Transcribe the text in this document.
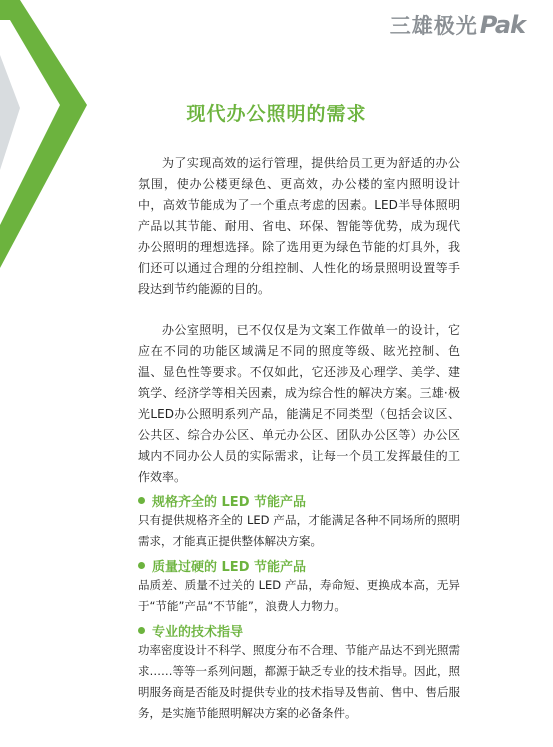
三雄极光 Pak
现代办公照明的需求

为了实现高效的运行管理，提供给员工更为舒适的办公氛围，使办公楼更绿色、更高效，办公楼的室内照明设计中，高效节能成为了一个重点考虑的因素。LED半导体照明产品以其节能、耐用、省电、环保、智能等优势，成为现代办公照明的理想选择。除了选用更为绿色节能的灯具外，我们还可以通过合理的分组控制、人性化的场景照明设置等手段达到节约能源的目的。

办公室照明，已不仅仅是为文案工作做单一的设计，它应在不同的功能区域满足不同的照度等级、眩光控制、色温、显色性等要求。不仅如此，它还涉及心理学、美学、建筑学、经济学等相关因素，成为综合性的解决方案。三雄·极光LED办公照明系列产品，能满足不同类型（包括会议区、公共区、综合办公区、单元办公区、团队办公区等）办公区域内不同办公人员的实际需求，让每一个员工发挥最佳的工作效率。

规格齐全的 LED 节能产品

只有提供规格齐全的 LED 产品，才能满足各种不同场所的照明需求，才能真正提供整体解决方案。

质量过硬的 LED 节能产品

品质差、质量不过关的 LED 产品，寿命短、更换成本高，无异于“节能”产品“不节能”，浪费人力物力。

专业的技术指导

功率密度设计不科学、照度分布不合理、节能产品达不到光照需求……等等一系列问题，都源于缺乏专业的技术指导。因此，照明服务商是否能及时提供专业的技术指导及售前、售中、售后服务，是实施节能照明解决方案的必备条件。
